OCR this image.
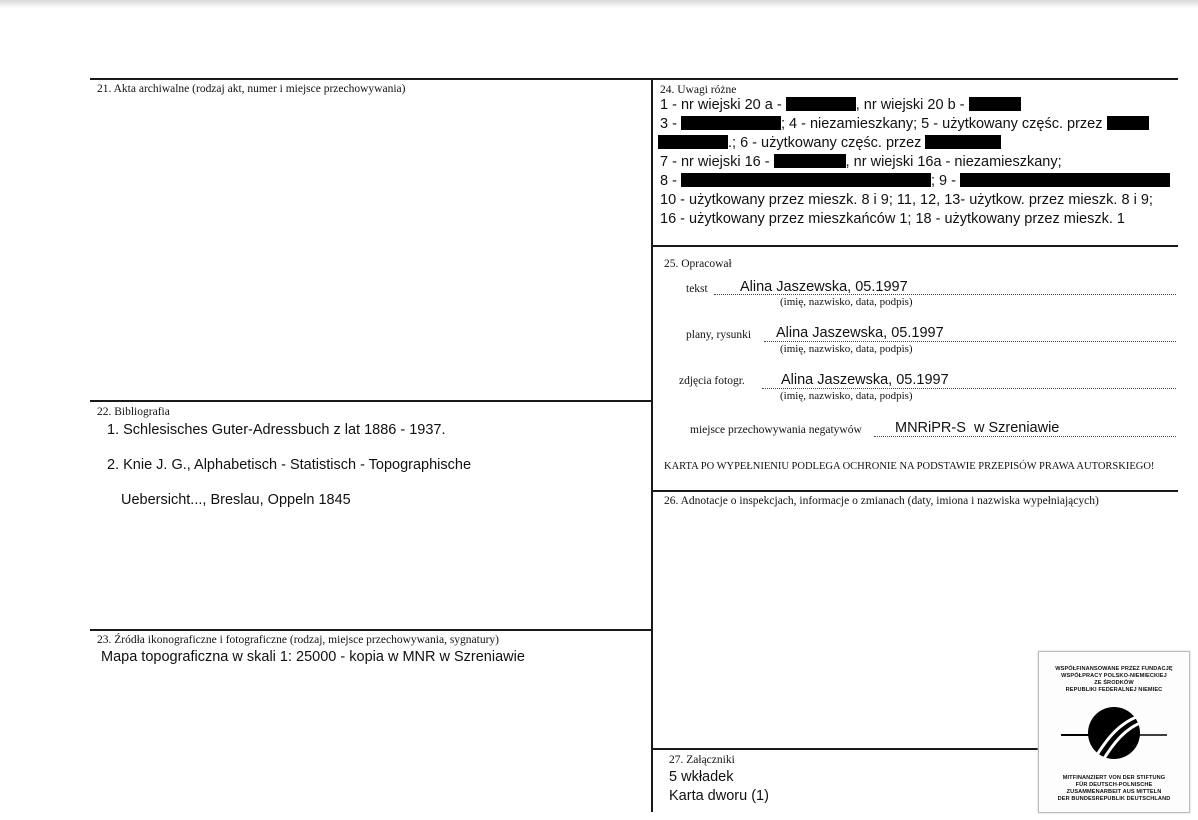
21. Akta archiwalne (rodzaj akt, numer i miejsce przechowywania)
22. Bibliografia
1. Schlesisches Guter-Adressbuch z lat 1886 - 1937.
2. Knie J. G., Alphabetisch - Statistisch - Topographische
Uebersicht..., Breslau, Oppeln 1845
23. Źródła ikonograficzne i fotograficzne (rodzaj, miejsce przechowywania, sygnatury)
Mapa topograficzna w skali 1: 25000 - kopia w MNR w Szreniawie
24. Uwagi różne
1 - nr wiejski 20 a -	, nr wiejski 20 b -
3 -	; 4 - niezamieszkany; 5 - użytkowany częśc. przez
.; 6 - użytkowany częśc. przez
7 - nr wiejski 16 -	, nr wiejski 16a - niezamieszkany;
8 -	; 9 -
10 - użytkowany przez mieszk. 8 i 9; 11, 12, 13- użytkow. przez mieszk. 8 i 9;
16 - użytkowany przez mieszkańców 1; 18 - użytkowany przez mieszk. 1
25. Opracował
tekst Alina Jaszewska, 05.1997
(imię, nazwisko, data, podpis)
plany, rysunki Alina Jaszewska, 05.1997
(imię, nazwisko, data, podpis)
zdjęcia fotogr. Alina Jaszewska, 05.1997
(imię, nazwisko, data, podpis)
miejsce przechowywania negatywów MNRiPR-S  w Szreniawie
KARTA PO WYPEŁNIENIU PODLEGA OCHRONIE NA PODSTAWIE PRZEPISÓW PRAWA AUTORSKIEGO!
26. Adnotacje o inspekcjach, informacje o zmianach (daty, imiona i nazwiska wypełniających)
27. Załączniki
5 wkładek
Karta dworu (1)
WSPÓŁFINANSOWANE PRZEZ FUNDACJĘ
WSPÓŁPRACY POLSKO-NIEMIECKIEJ
ZE ŚRODKÓW
REPUBLIKI FEDERALNEJ NIEMIEC
MITFINANZIERT VON DER STIFTUNG
FÜR DEUTSCH-POLNISCHE
ZUSAMMENARBEIT AUS MITTELN
DER BUNDESREPUBLIK DEUTSCHLAND
